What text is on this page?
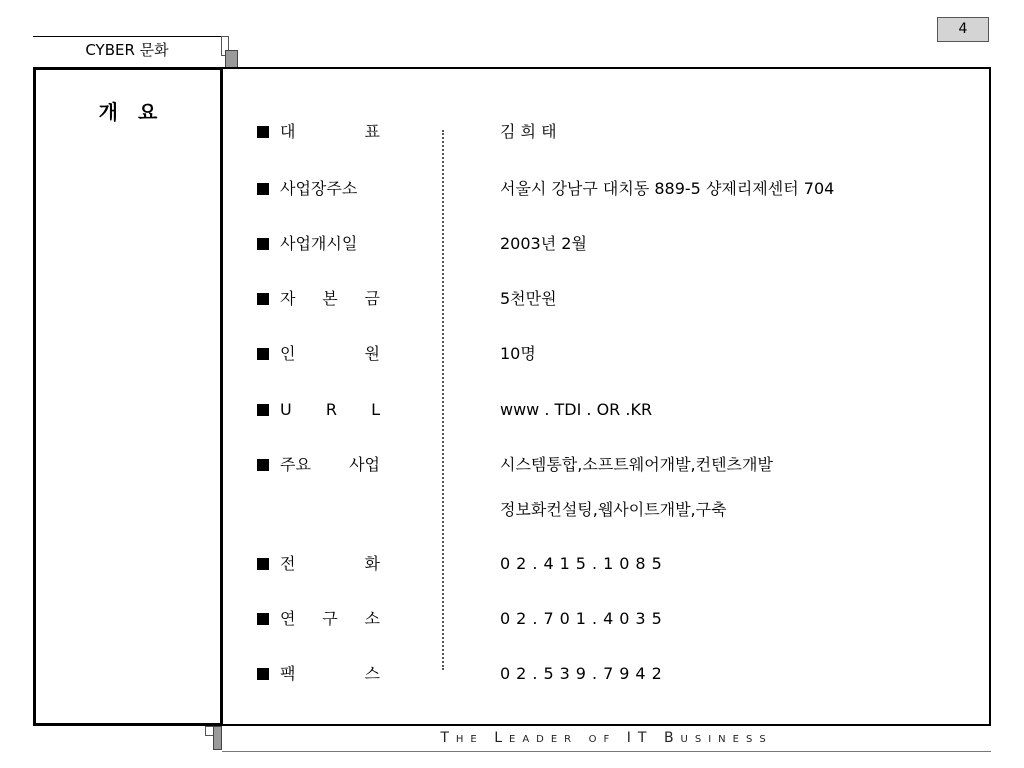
4
CYBER 문화
개요
대	표	김 희 태
사업장주소	서울시 강남구 대치동 889-5 샹제리제센터 704
사업개시일	2003년 2월
자 본 금	5천만원
인	원	10명
U R L	www . TDI . OR .KR
주요 사업	시스템통합,소프트웨어개발,컨텐츠개발
정보화컨설팅,웹사이트개발,구축
전	화	02.415.1085
연 구 소	02.701.4035
팩	스	02.539.7942
The Leader of IT Business
